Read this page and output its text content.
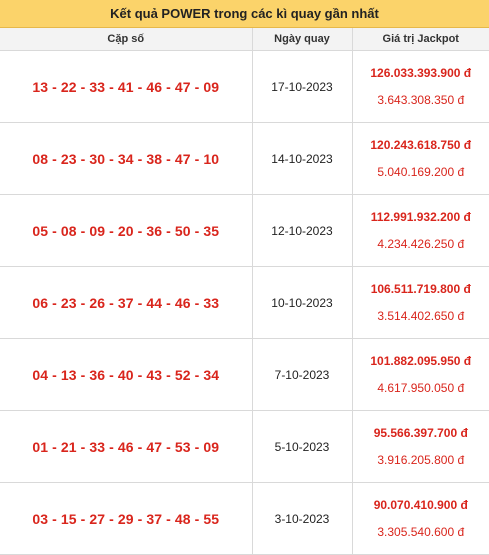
Kết quả POWER trong các kì quay gần nhất
Cặp số	Ngày quay	Giá trị Jackpot
13 - 22 - 33 - 41 - 46 - 47 - 09	17-10-2023	126.033.393.900 đ
3.643.308.350 đ

08 - 23 - 30 - 34 - 38 - 47 - 10	14-10-2023	120.243.618.750 đ
5.040.169.200 đ

05 - 08 - 09 - 20 - 36 - 50 - 35	12-10-2023	112.991.932.200 đ
4.234.426.250 đ

06 - 23 - 26 - 37 - 44 - 46 - 33	10-10-2023	106.511.719.800 đ
3.514.402.650 đ

04 - 13 - 36 - 40 - 43 - 52 - 34	7-10-2023	101.882.095.950 đ
4.617.950.050 đ

01 - 21 - 33 - 46 - 47 - 53 - 09	5-10-2023	95.566.397.700 đ
3.916.205.800 đ

03 - 15 - 27 - 29 - 37 - 48 - 55	3-10-2023	90.070.410.900 đ
3.305.540.600 đ
